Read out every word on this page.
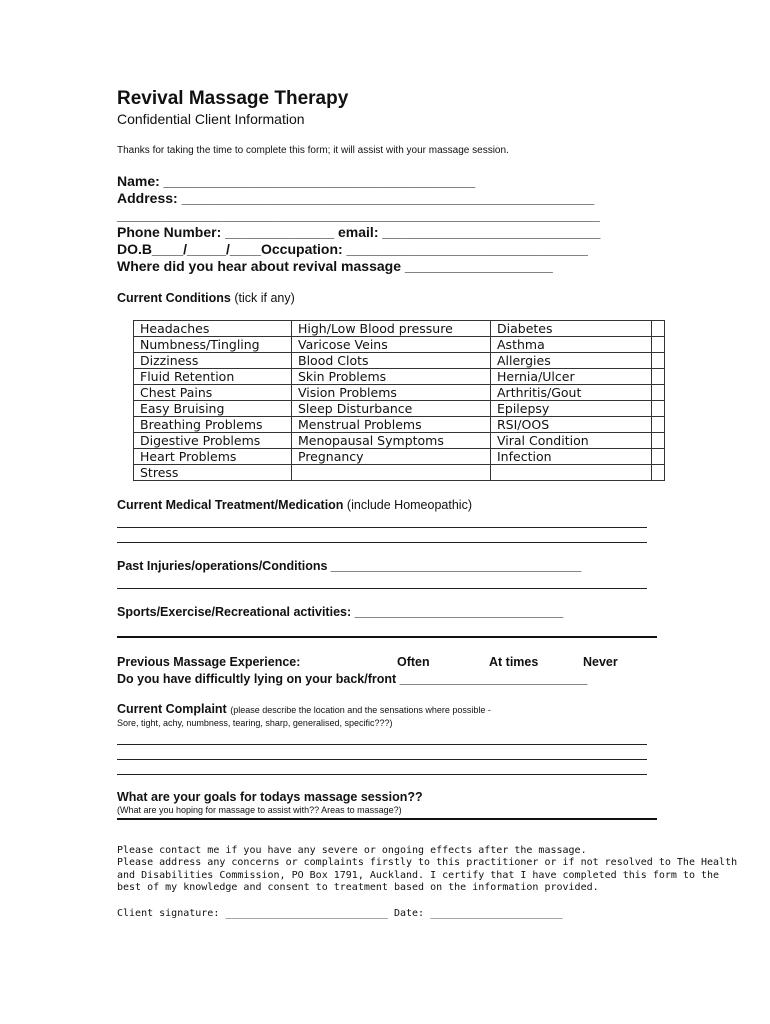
Revival Massage Therapy
Confidential Client Information
Thanks for taking the time to complete this form; it will assist with your massage session.
Name: ________________________________________
Address: _____________________________________________________
______________________________________________________________
Phone Number: ______________ email: ____________________________
DO.B____/_____/____Occupation: _______________________________
Where did you hear about revival massage ___________________
Current Conditions (tick if any)
Headaches	High/Low Blood pressure	Diabetes	
Numbness/Tingling	Varicose Veins	Asthma	
Dizziness	Blood Clots	Allergies	
Fluid Retention	Skin Problems	Hernia/Ulcer	
Chest Pains	Vision Problems	Arthritis/Gout	
Easy Bruising	Sleep Disturbance	Epilepsy	
Breathing Problems	Menstrual Problems	RSI/OOS	
Digestive Problems	Menopausal Symptoms	Viral Condition	
Heart Problems	Pregnancy	Infection	
Stress			
Current Medical Treatment/Medication (include Homeopathic)
Past Injuries/operations/Conditions ____________________________________
Sports/Exercise/Recreational activities: ______________________________
Previous Massage Experience:	Often	At times	Never
Do you have difficultly lying on your back/front ___________________________
Current Complaint (please describe the location and the sensations where possible -
Sore, tight, achy, numbness, tearing, sharp, generalised, specific???)
What are your goals for todays massage session??
(What are you hoping for massage to assist with?? Areas to massage?)
Please contact me if you have any severe or ongoing effects after the massage.
Please address any concerns or complaints firstly to this practitioner or if not resolved to The Health
and Disabilities Commission, PO Box 1791, Auckland. I certify that I have completed this form to the
best of my knowledge and consent to treatment based on the information provided.
Client signature: ___________________________ Date: ______________________
